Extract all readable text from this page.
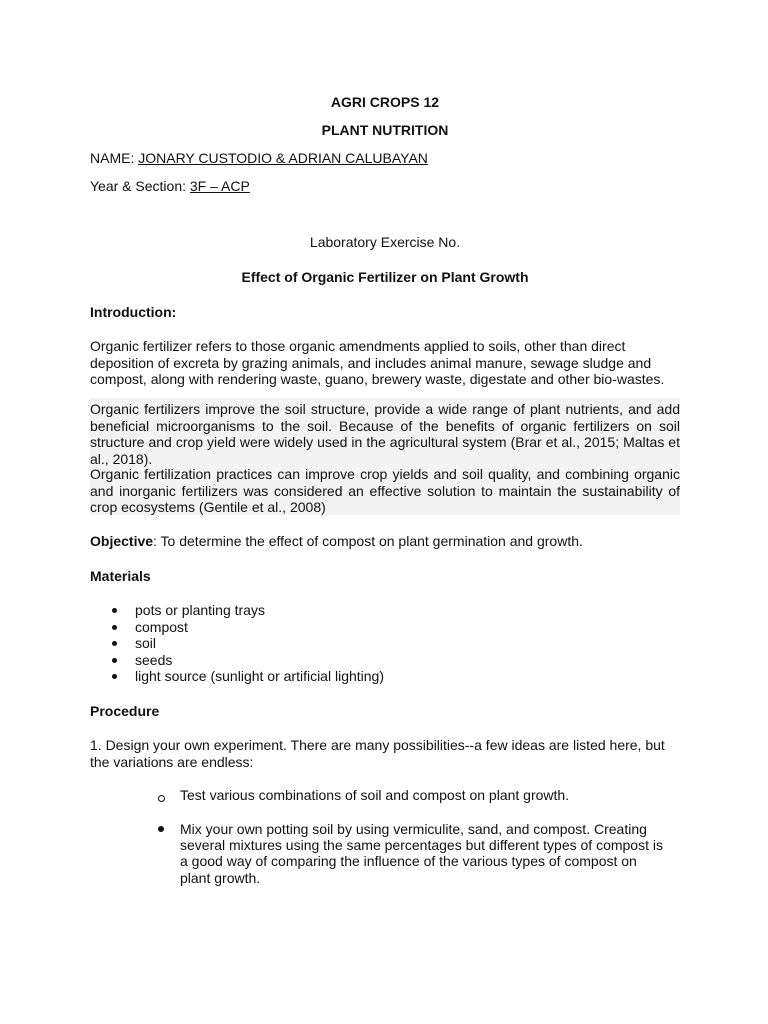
AGRI CROPS 12

PLANT NUTRITION

NAME: JONARY CUSTODIO & ADRIAN CALUBAYAN

Year & Section: 3F – ACP

Laboratory Exercise No.

Effect of Organic Fertilizer on Plant Growth

Introduction:

Organic fertilizer refers to those organic amendments applied to soils, other than direct deposition of excreta by grazing animals, and includes animal manure, sewage sludge and compost, along with rendering waste, guano, brewery waste, digestate and other bio-wastes.

Organic fertilizers improve the soil structure, provide a wide range of plant nutrients, and add beneficial microorganisms to the soil. Because of the benefits of organic fertilizers on soil structure and crop yield were widely used in the agricultural system (Brar et al., 2015; Maltas et al., 2018).

Organic fertilization practices can improve crop yields and soil quality, and combining organic and inorganic fertilizers was considered an effective solution to maintain the sustainability of crop ecosystems (Gentile et al., 2008)

Objective: To determine the effect of compost on plant germination and growth.

Materials

pots or planting trays
compost
soil
seeds
light source (sunlight or artificial lighting)

Procedure

1. Design your own experiment. There are many possibilities--a few ideas are listed here, but the variations are endless:

Test various combinations of soil and compost on plant growth.

Mix your own potting soil by using vermiculite, sand, and compost. Creating several mixtures using the same percentages but different types of compost is a good way of comparing the influence of the various types of compost on plant growth.
